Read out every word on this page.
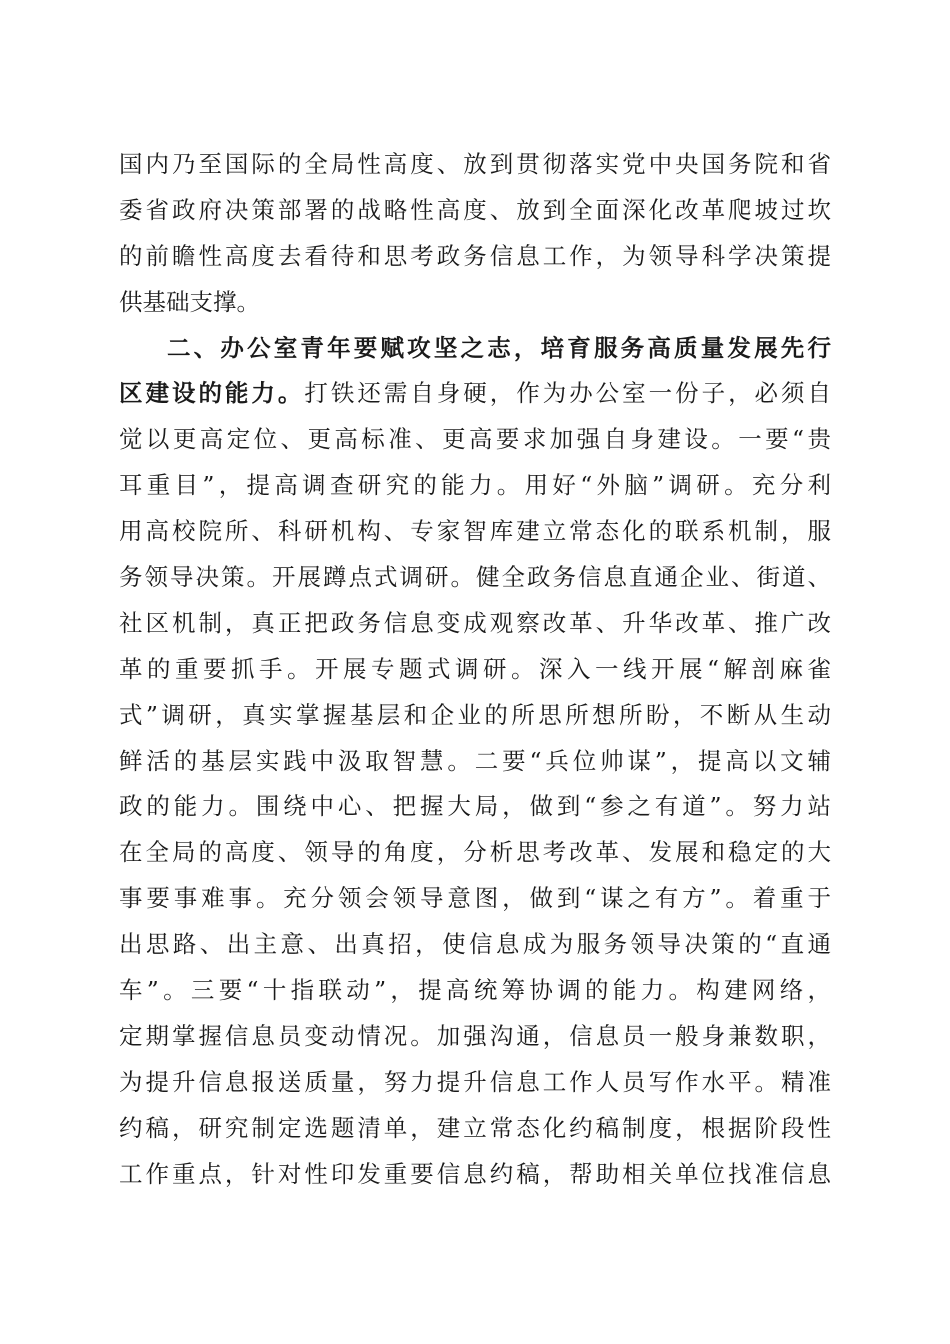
国内乃至国际的全局性高度、放到贯彻落实党中央国务院和省
委省政府决策部署的战略性高度、放到全面深化改革爬坡过坎
的前瞻性高度去看待和思考政务信息工作，为领导科学决策提
供基础支撑。
二、办公室青年要赋攻坚之志，培育服务高质量发展先行
区建设的能力。打铁还需自身硬，作为办公室一份子，必须自
觉以更高定位、更高标准、更高要求加强自身建设。一要“贵
耳重目”，提高调查研究的能力。用好“外脑”调研。充分利
用高校院所、科研机构、专家智库建立常态化的联系机制，服
务领导决策。开展蹲点式调研。健全政务信息直通企业、街道、
社区机制，真正把政务信息变成观察改革、升华改革、推广改
革的重要抓手。开展专题式调研。深入一线开展“解剖麻雀
式”调研，真实掌握基层和企业的所思所想所盼，不断从生动
鲜活的基层实践中汲取智慧。二要“兵位帅谋”，提高以文辅
政的能力。围绕中心、把握大局，做到“参之有道”。努力站
在全局的高度、领导的角度，分析思考改革、发展和稳定的大
事要事难事。充分领会领导意图，做到“谋之有方”。着重于
出思路、出主意、出真招，使信息成为服务领导决策的“直通
车”。三要“十指联动”，提高统筹协调的能力。构建网络，
定期掌握信息员变动情况。加强沟通，信息员一般身兼数职，
为提升信息报送质量，努力提升信息工作人员写作水平。精准
约稿，研究制定选题清单，建立常态化约稿制度，根据阶段性
工作重点，针对性印发重要信息约稿，帮助相关单位找准信息
